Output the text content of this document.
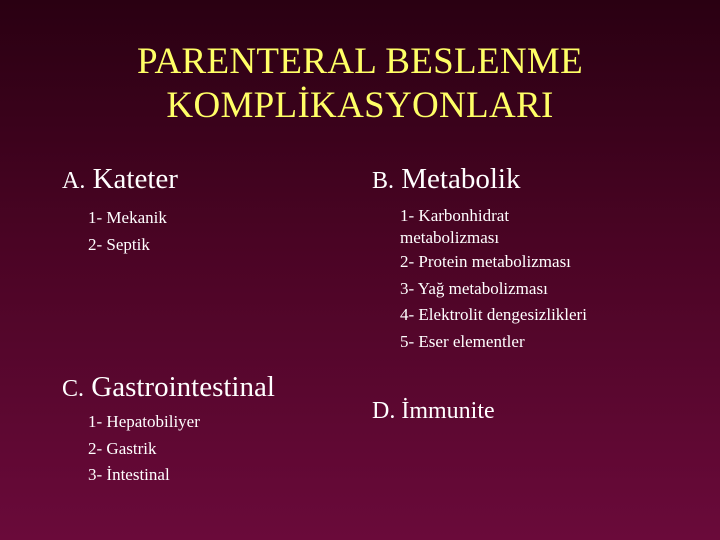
PARENTERAL BESLENME
KOMPLİKASYONLARI
A. Kateter
1- Mekanik
2- Septik
B. Metabolik
1- Karbonhidrat
metabolizması
2- Protein metabolizması
3- Yağ metabolizması
4- Elektrolit dengesizlikleri
5- Eser elementler
C. Gastrointestinal
1- Hepatobiliyer
2- Gastrik
3- İntestinal
D. İmmunite
